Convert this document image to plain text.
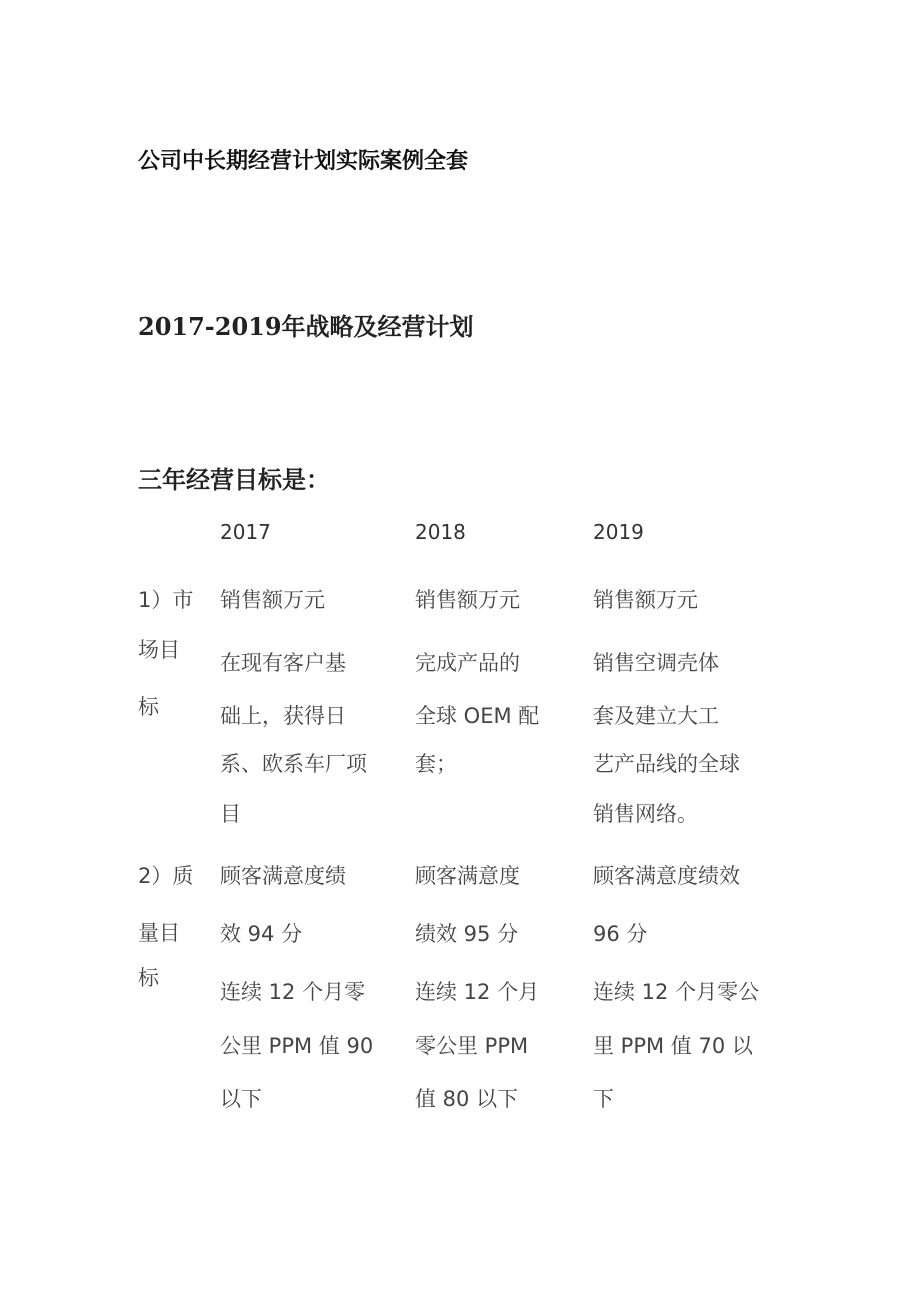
公司中长期经营计划实际案例全套
2017-2019年战略及经营计划
三年经营目标是：
2017	2018	2019
1）市
场目
标
销售额万元
在现有客户基
础上，获得日
系、欧系车厂项
目
销售额万元
完成产品的
全球 OEM 配
套；
销售额万元
销售空调壳体
套及建立大工
艺产品线的全球
销售网络。
2）质
量目
标
顾客满意度绩
效 94 分
连续 12 个月零
公里 PPM 值 90
以下
顾客满意度
绩效 95 分
连续 12 个月
零公里 PPM
值 80 以下
顾客满意度绩效
96 分
连续 12 个月零公
里 PPM 值 70 以
下
